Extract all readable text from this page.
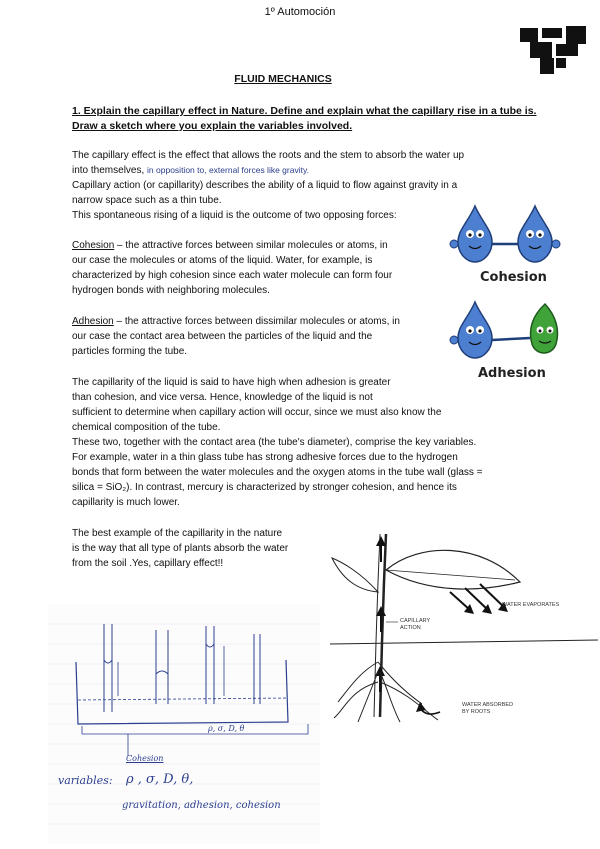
1º Automoción
FLUID MECHANICS
1. Explain the capillary effect in Nature. Define and explain what the capillary rise in a tube is. Draw a sketch where you explain the variables involved.
The capillary effect is the effect that allows the roots and the stem to absorb the water up
into themselves, in opposition to, external forces like gravity.
Capillary action (or capillarity) describes the ability of a liquid to flow against gravity in a
narrow space such as a thin tube.
This spontaneous rising of a liquid is the outcome of two opposing forces:
Cohesion – the attractive forces between similar molecules or atoms, in
our case the molecules or atoms of the liquid. Water, for example, is
characterized by high cohesion since each water molecule can form four
hydrogen bonds with neighboring molecules.
Adhesion – the attractive forces between dissimilar molecules or atoms, in
our case the contact area between the particles of the liquid and the
particles forming the tube.
Cohesion
Adhesion
The capillarity of the liquid is said to have high when adhesion is greater
than cohesion, and vice versa. Hence, knowledge of the liquid is not
sufficient to determine when capillary action will occur, since we must also know the
chemical composition of the tube.
These two, together with the contact area (the tube's diameter), comprise the key variables.
For example, water in a thin glass tube has strong adhesive forces due to the hydrogen
bonds that form between the water molecules and the oxygen atoms in the tube wall (glass =
silica = SiO₂). In contrast, mercury is characterized by stronger cohesion, and hence its
capillarity is much lower.
The best example of the capillarity in the nature
is the way that all type of plants absorb the water
from the soil .Yes, capillary effect!!
WATER EVAPORATES
CAPILLARY
ACTION
WATER ABSORBED
BY ROOTS
ρ, σ, D, θ
Cohesion
variables: ρ , σ, D, θ,
gravitation, adhesion, cohesion
